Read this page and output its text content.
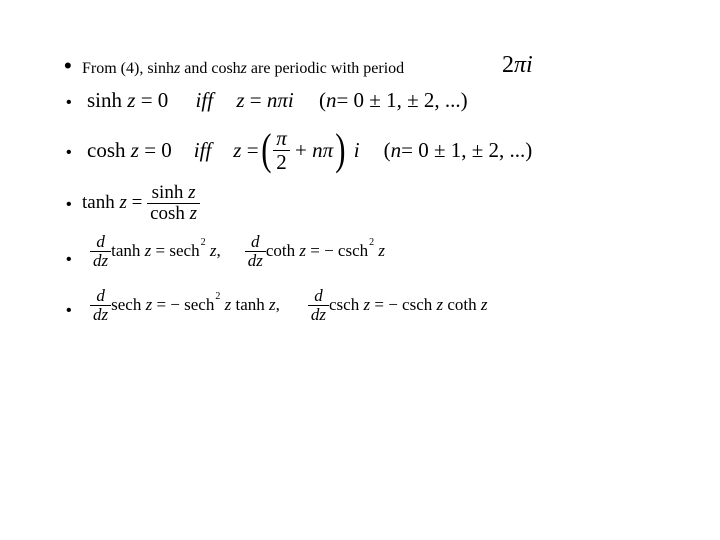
• From (4), sinhz and coshz are periodic with period	2πi
• sinh z = 0 iff z = nπi (n= 0 ± 1, ± 2, ...)
• cosh
z
= 0 iff z
= ( $\frac{\pi}{2}$
+
n π ) i ( n = 0 ± 1, ± 2, ...)
• tanh
z
=
$\frac{\text{sinh z}}{\text{cosh z}}$
• $\frac{d}{dz}$ tanh
z
= sech 2
z , $\frac{d}{dz}$ coth
z
= − csch 2
z
• $\frac{d}{dz}$ sech
z
= − sech 2
z
tanh
z , $\frac{d}{dz}$ csch
z
= − csch
z
coth
z
